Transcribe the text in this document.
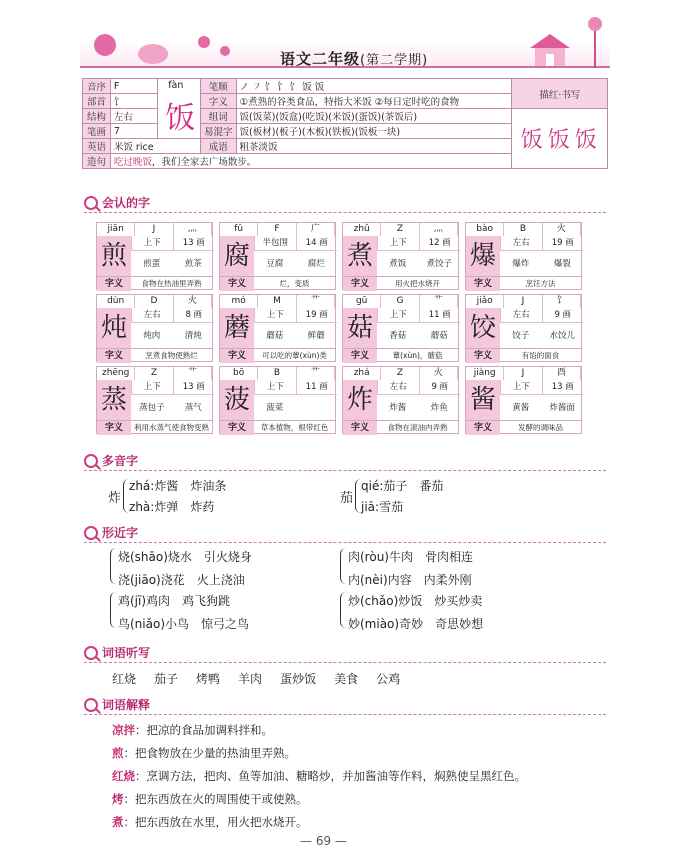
语文二年级(第二学期)
音序	F	fàn
饭	笔顺	ノ ㇇ 饣 饣 饣 饭 饭	描红·书写
部首	饣		字义	①煮熟的谷类食品，特指大米饭 ②每日定时吃的食物	
结构	左右		组词	饭(饭菜)(饭盒)(吃饭)(米饭)(蛋饭)(茶饭后)	饭 饭 饭
笔画	7		易混字	饭(板材)(板子)(木板)(铁板)(饭板一块)	
英语	米饭 rice		成语	粗茶淡饭	
造句	吃过晚饭，我们全家去广场散步。				
会认的字
jiān	J	灬
煎	上下	13 画
煎蛋	煎茶
字义	食物在热油里弄熟
fǔ	F	广
腐	半包围	14 画
豆腐	腐烂
字义	烂，变质
zhǔ	Z	灬
煮	上下	12 画
煮饭	煮饺子
字义	用火把水烧开
bào	B	火
爆	左右	19 画
爆炸	爆裂
字义	烹饪方法
dùn	D	火
炖	左右	8 画
炖肉	清炖
字义	烹煮食物使熟烂
mó	M	艹
蘑	上下	19 画
蘑菇	鲜蘑
字义	可以吃的蕈(xùn)类
gū	G	艹
菇	上下	11 画
香菇	蘑菇
字义	蕈(xùn)，蘑菇
jiǎo	J	饣
饺	左右	9 画
饺子	水饺儿
字义	有馅的面食
zhēng	Z	艹
蒸	上下	13 画
蒸包子	蒸气
字义	利用水蒸气使食物变熟
bō	B	艹
菠	上下	11 画
菠菜
字义	草本植物，根带红色
zhá	Z	火
炸	左右	9 画
炸酱	炸鱼
字义	食物在滚油内弄熟
jiàng	J	酉
酱	上下	13 画
黄酱	炸酱面
字义	发酵的调味品
多音字
炸
zhá:炸酱　炸油条
zhà:炸弹　炸药
茄
qié:茄子　番茄
jiā:雪茄
形近字
烧(shāo)烧水　引火烧身
浇(jiāo)浇花　火上浇油
鸡(jī)鸡肉　鸡飞狗跳
鸟(niǎo)小鸟　惊弓之鸟
肉(ròu)牛肉　骨肉相连
内(nèi)内容　内柔外刚
炒(chǎo)炒饭　炒买炒卖
妙(miào)奇妙　奇思妙想
词语听写
红烧 茄子 烤鸭 羊肉 蛋炒饭 美食 公鸡
词语解释
凉拌：把凉的食品加调料拌和。
煎：把食物放在少量的热油里弄熟。
红烧：烹调方法，把肉、鱼等加油、糖略炒，并加酱油等作料，焖熟使呈黑红色。
烤：把东西放在火的周围使干或使熟。
煮：把东西放在水里，用火把水烧开。
— 69 —
